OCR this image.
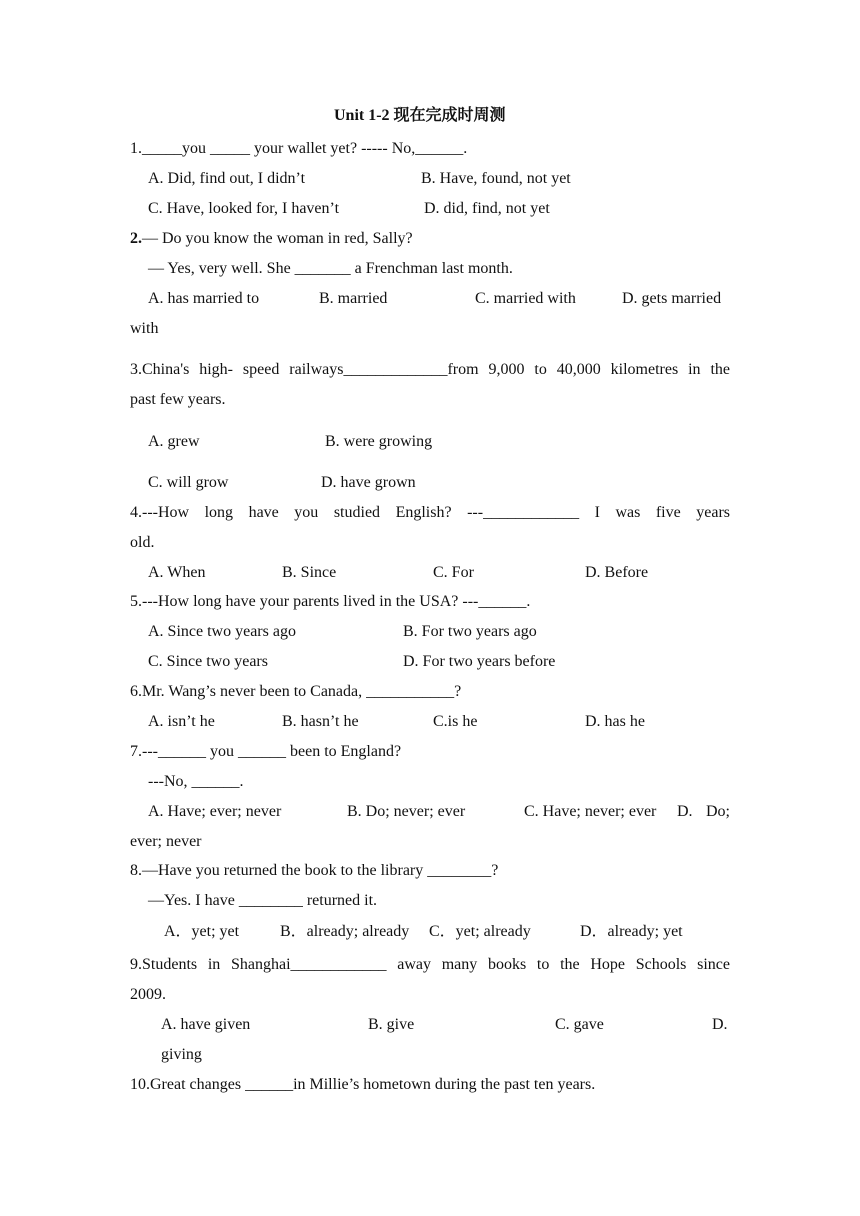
Unit 1-2 现在完成时周测
1._____you _____ your wallet yet? ----- No,______.
A. Did, find out, I didn’t	B. Have, found, not yet
C. Have, looked for, I haven’t	D. did, find, not yet
2.— Do you know the woman in red, Sally?
— Yes, very well. She _______ a Frenchman last month.
A. has married to	B. married	C. married with	D. gets married
with
3.China's high- speed railways_____________from 9,000 to 40,000 kilometres in the
past few years.
A. grew	B. were growing
C. will grow	D. have grown
4.---How long have you studied English? ---____________ I was five years
old.
A. When	B. Since	C. For	D. Before
5.---How long have your parents lived in the USA? ---______.
A. Since two years ago	B. For two years ago
C. Since two years	D. For two years before
6.Mr. Wang’s never been to Canada, ___________?
A. isn’t he	B. hasn’t he	C.is he	D. has he
7.---______ you ______ been to England?
---No, ______.
A. Have; ever; never	B. Do; never; ever	C. Have; never; ever D. Do;
ever; never
8.—Have you returned the book to the library ________?
—Yes. I have ________ returned it.
A．yet; yet	B．already; already C．yet; already	D．already; yet
9.Students in Shanghai____________ away many books to the Hope Schools since
2009.
A. have given	B. give	C. gave	D.
giving
10.Great changes ______in Millie’s hometown during the past ten years.
